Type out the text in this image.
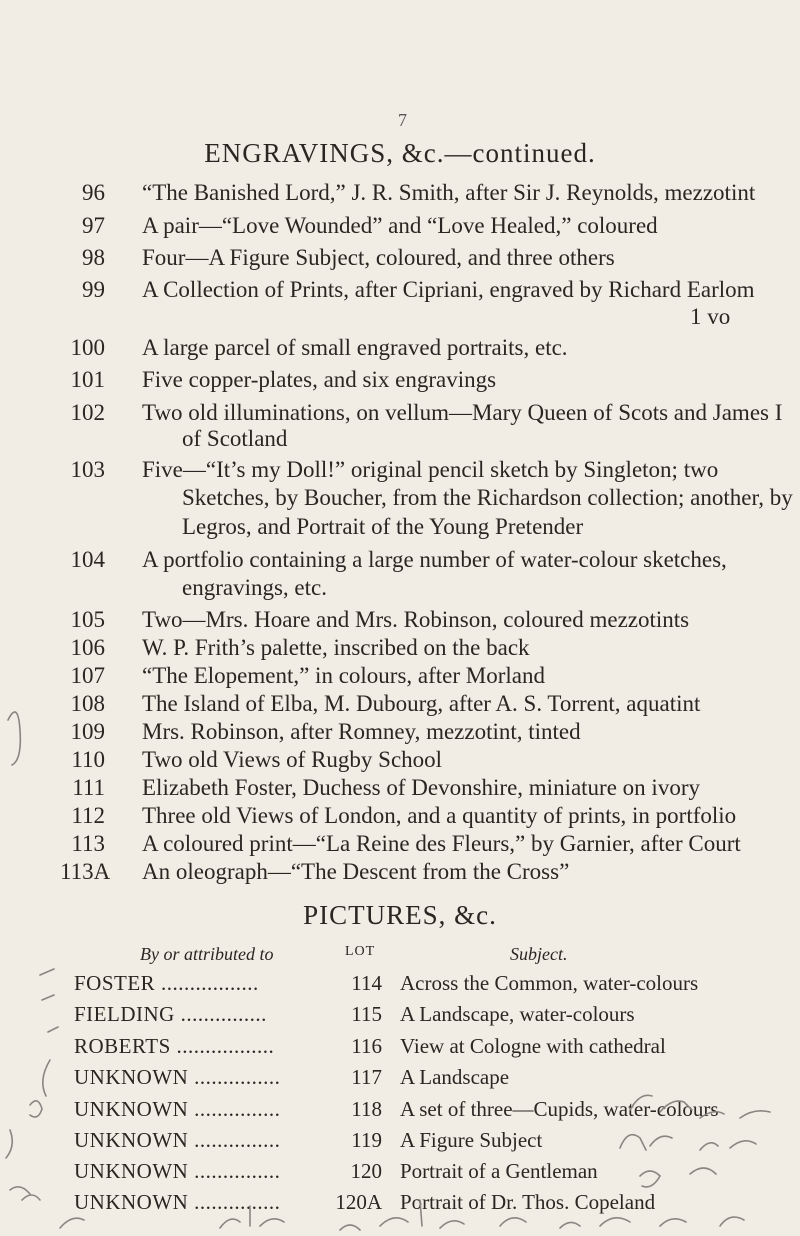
7
ENGRAVINGS, &c.—continued.
96 “The Banished Lord,” J. R. Smith, after Sir J. Reynolds, mezzotint
97 A pair—“Love Wounded” and “Love Healed,” coloured
98 Four—A Figure Subject, coloured, and three others
99 A Collection of Prints, after Cipriani, engraved by Richard Earlom
1 vo
100 A large parcel of small engraved portraits, etc.
101 Five copper-plates, and six engravings
102 Two old illuminations, on vellum—Mary Queen of Scots and James I
of Scotland
103 Five—“It’s my Doll!” original pencil sketch by Singleton; two
Sketches, by Boucher, from the Richardson collection; another, by
Legros, and Portrait of the Young Pretender
104 A portfolio containing a large number of water-colour sketches,
engravings, etc.
105 Two—Mrs. Hoare and Mrs. Robinson, coloured mezzotints
106 W. P. Frith’s palette, inscribed on the back
107 “The Elopement,” in colours, after Morland
108 The Island of Elba, M. Dubourg, after A. S. Torrent, aquatint
109 Mrs. Robinson, after Romney, mezzotint, tinted
110 Two old Views of Rugby School
111 Elizabeth Foster, Duchess of Devonshire, miniature on ivory
112 Three old Views of London, and a quantity of prints, in portfolio
113 A coloured print—“La Reine des Fleurs,” by Garnier, after Court
113A An oleograph—“The Descent from the Cross”
PICTURES, &c.
By or attributed to	LOT	Subject.
FOSTER .................	114 Across the Common, water-colours
FIELDING ...............	115 A Landscape, water-colours
ROBERTS .................	116 View at Cologne with cathedral
UNKNOWN ...............	117 A Landscape
UNKNOWN ...............	118 A set of three—Cupids, water-colours
UNKNOWN ...............	119 A Figure Subject
UNKNOWN ...............	120 Portrait of a Gentleman
UNKNOWN ...............	120A Portrait of Dr. Thos. Copeland
